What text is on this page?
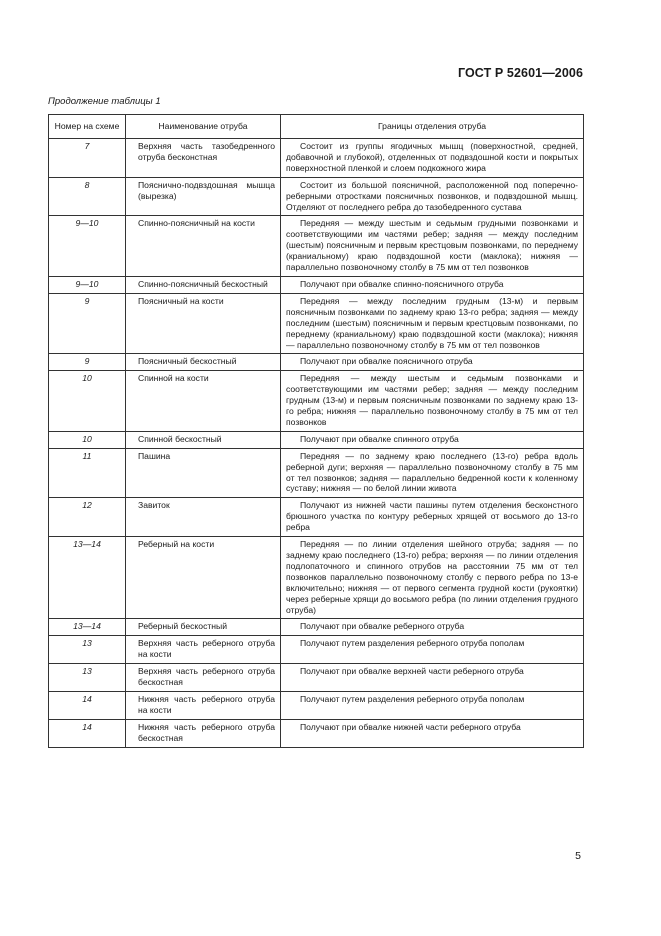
ГОСТ Р 52601—2006
Продолжение таблицы 1
Номер на схеме	Наименование отруба	Границы отделения отруба
7	Верхняя часть тазобедренного отруба бесконстная	Состоит из группы ягодичных мышц (поверхностной, средней, добавочной и глубокой), отделенных от подвздошной кости и покрытых поверхностной пленкой и слоем подкожного жира
8	Поясничнo-подвздошная мышца (вырезка)	Состоит из большой поясничной, расположенной под поперечно-реберными отростками поясничных позвонков, и подвздошной мышц. Отделяют от последнего ребра до тазобедренного сустава
9—10	Спинно-поясничный на кости	Передняя — между шестым и седьмым грудными позвонками и соответствующими им частями ребер; задняя — между последним (шестым) поясничным и первым крестцовым позвонками, по переднему (краниальному) краю подвздошной кости (маклока); нижняя — параллельно позвоночному столбу в 75 мм от тел позвонков
9—10	Спинно-поясничный бескостный	Получают при обвалке спинно-поясничного отруба
9	Поясничный на кости	Передняя — между последним грудным (13-м) и первым поясничным позвонками по заднему краю 13-го ребра; задняя — между последним (шестым) поясничным и первым крестцовым позвонками, по переднему (краниальному) краю подвздошной кости (маклока); нижняя — параллельно позвоночному столбу в 75 мм от тел позвонков
9	Поясничный бескостный	Получают при обвалке поясничного отруба
10	Спинной на кости	Передняя — между шестым и седьмым позвонками и соответствующими им частями ребер; задняя — между последним грудным (13-м) и первым поясничным позвонками по заднему краю 13-го ребра; нижняя — параллельно позвоночному столбу в 75 мм от тел позвонков
10	Спинной бескостный	Получают при обвалке спинного отруба
11	Пашина	Передняя — по заднему краю последнего (13-го) ребра вдоль реберной дуги; верхняя — параллельно позвоночному столбу в 75 мм от тел позвонков; задняя — параллельно бедренной кости к коленному суставу; нижняя — по белой линии живота
12	Завиток	Получают из нижней части пашины путем отделения бесконстного брюшного участка по контуру реберных хрящей от восьмого до 13-го ребра
13—14	Реберный на кости	Передняя — по линии отделения шейного отруба; задняя — по заднему краю последнего (13-го) ребра; верхняя — по линии отделения подлопаточного и спинного отрубов на расстоянии 75 мм от тел позвонков параллельно позвоночному столбу с первого ребра по 13-е включительно; нижняя — от первого сегмента грудной кости (рукоятки) через реберные хрящи до восьмого ребра (по линии отделения грудного отруба)
13—14	Реберный бескостный	Получают при обвалке реберного отруба
13	Верхняя часть реберного отруба на кости	Получают путем разделения реберного отруба пополам
13	Верхняя часть реберного отруба бескостная	Получают при обвалке верхней части реберного отруба
14	Нижняя часть реберного отруба на кости	Получают путем разделения реберного отруба пополам
14	Нижняя часть реберного отруба бескостная	Получают при обвалке нижней части реберного отруба
5
